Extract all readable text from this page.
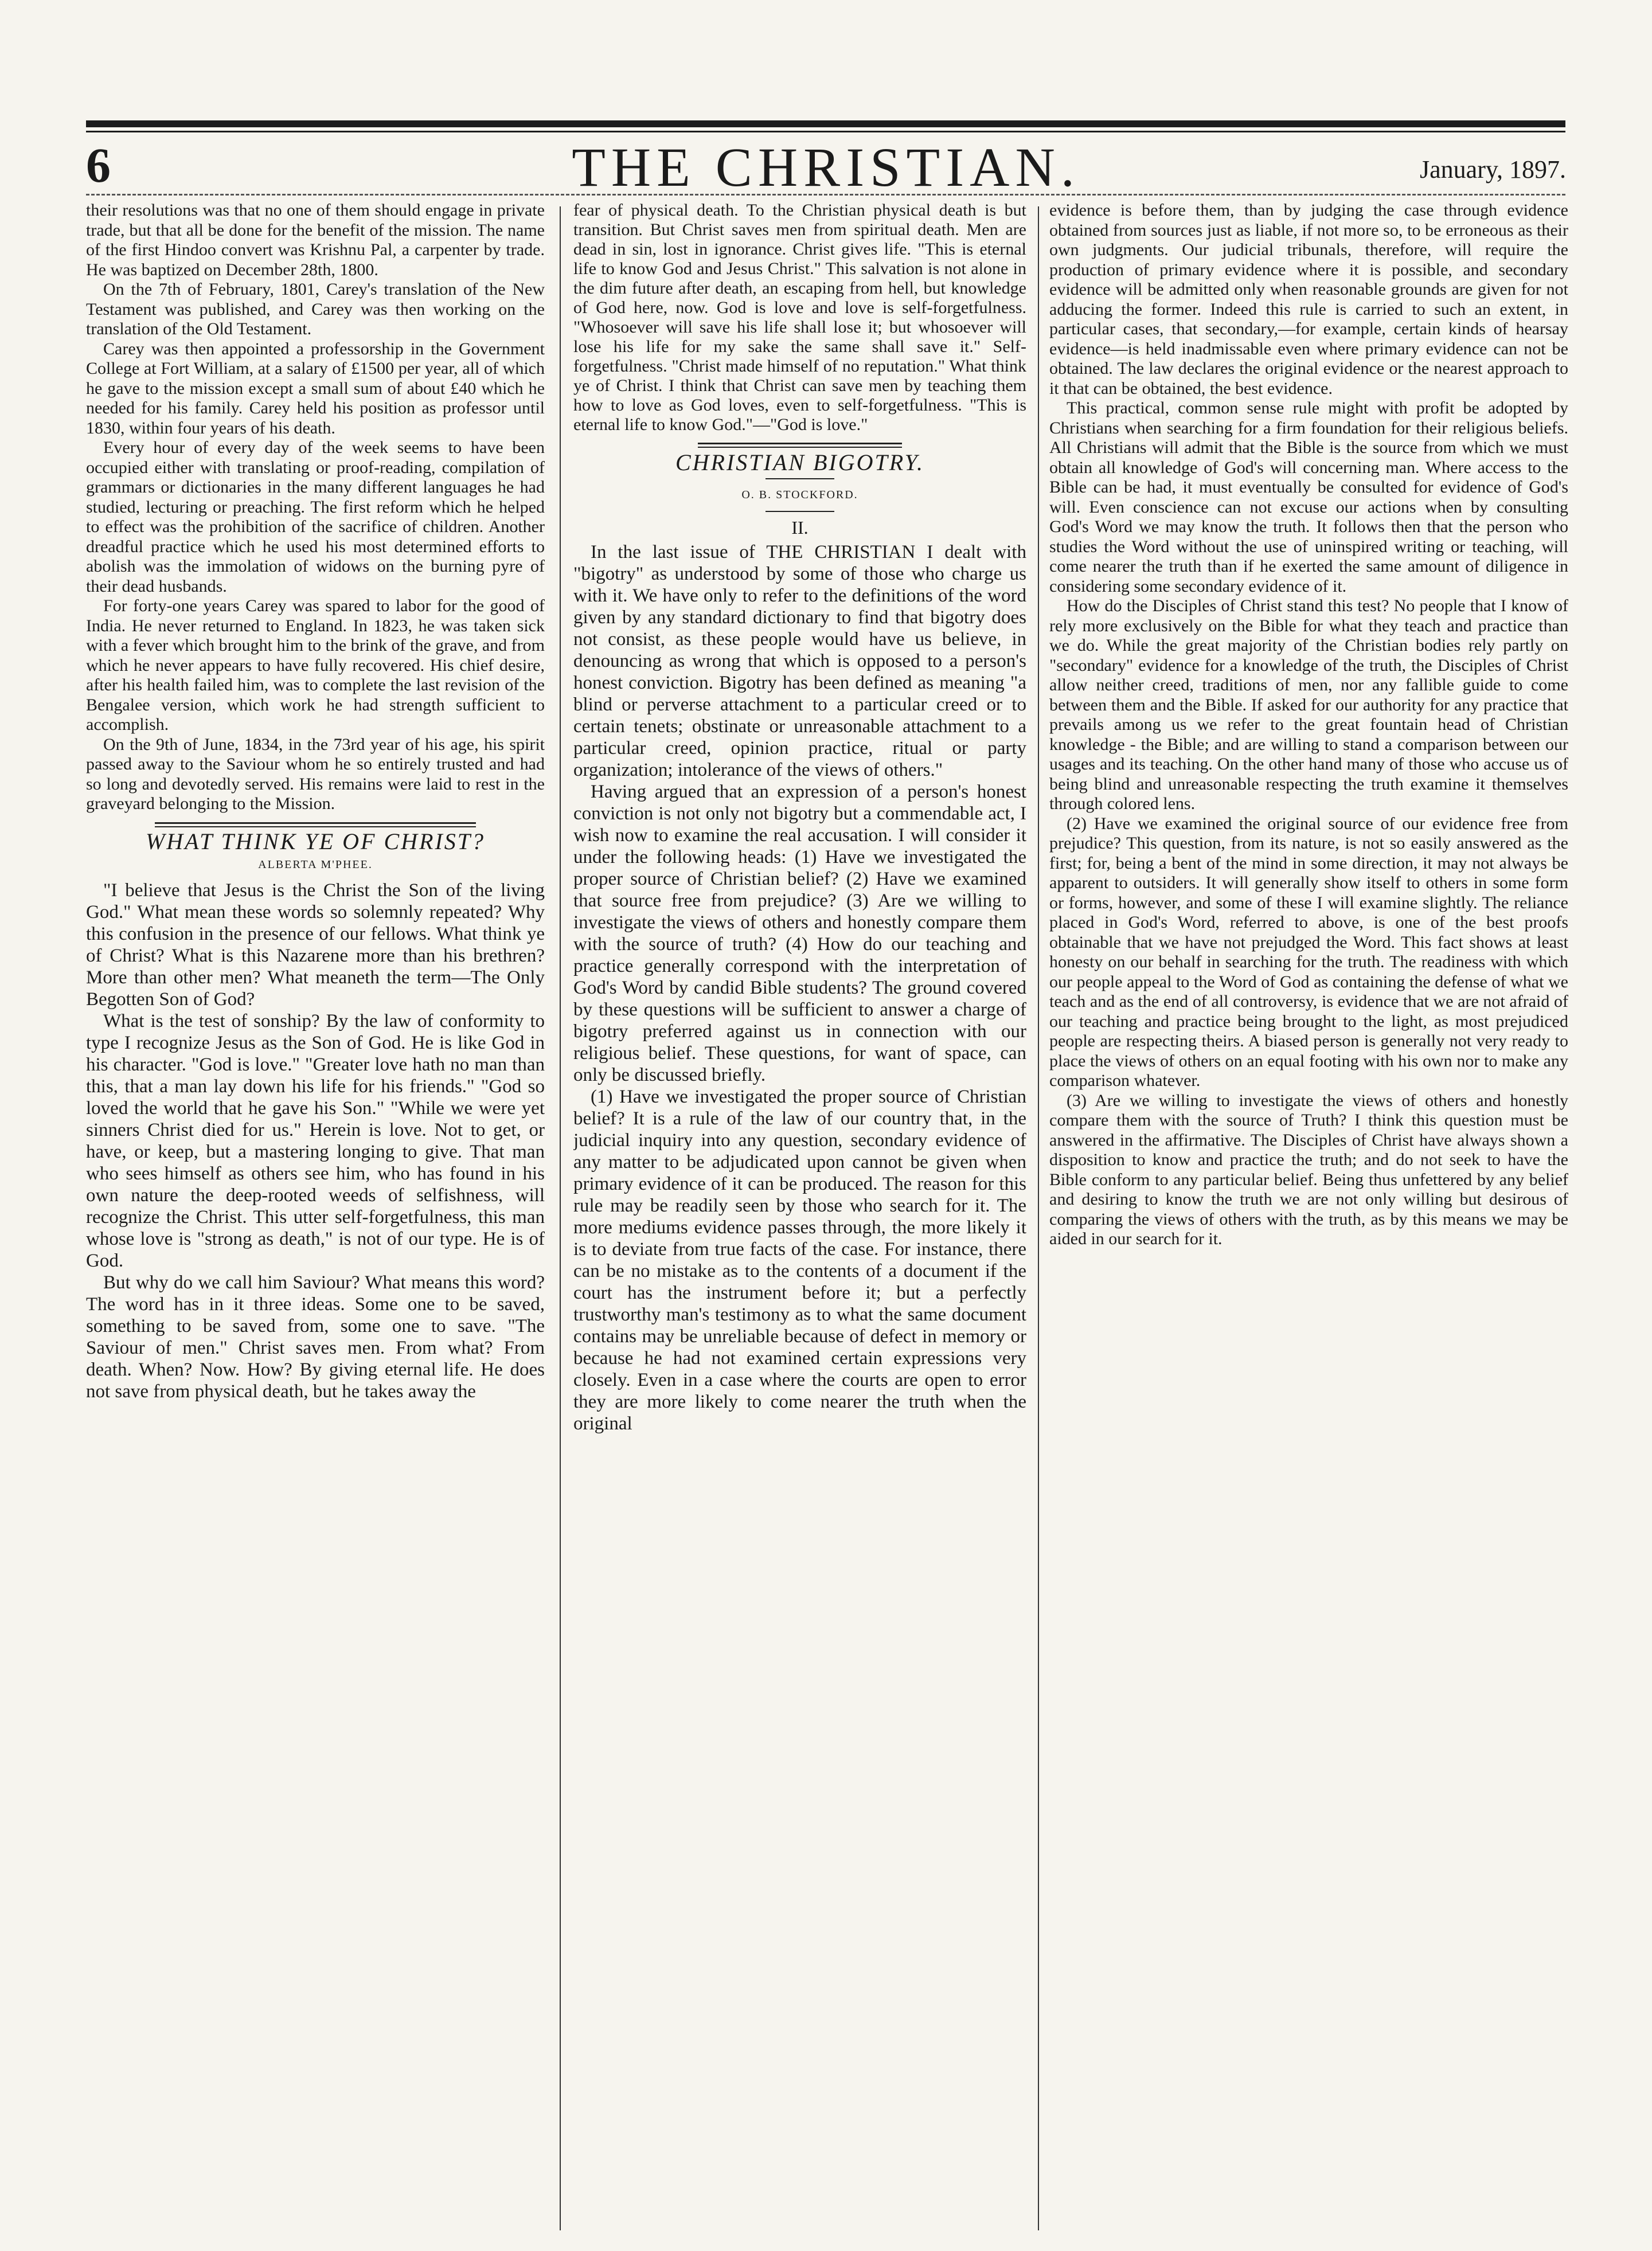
6	THE CHRISTIAN.	January, 1897.

their resolutions was that no one of them should engage in private trade, but that all be done for the benefit of the mission. The name of the first Hindoo convert was Krishnu Pal, a carpenter by trade. He was baptized on December 28th, 1800.

On the 7th of February, 1801, Carey's translation of the New Testament was published, and Carey was then working on the translation of the Old Testament.

Carey was then appointed a professorship in the Government College at Fort William, at a salary of £1500 per year, all of which he gave to the mission except a small sum of about £40 which he needed for his family. Carey held his position as professor until 1830, within four years of his death.

Every hour of every day of the week seems to have been occupied either with translating or proof-reading, compilation of grammars or dictionaries in the many different languages he had studied, lecturing or preaching. The first reform which he helped to effect was the prohibition of the sacrifice of children. Another dreadful practice which he used his most determined efforts to abolish was the immolation of widows on the burning pyre of their dead husbands.

For forty-one years Carey was spared to labor for the good of India. He never returned to England. In 1823, he was taken sick with a fever which brought him to the brink of the grave, and from which he never appears to have fully recovered. His chief desire, after his health failed him, was to complete the last revision of the Bengalee version, which work he had strength sufficient to accomplish.

On the 9th of June, 1834, in the 73rd year of his age, his spirit passed away to the Saviour whom he so entirely trusted and had so long and devotedly served. His remains were laid to rest in the graveyard belonging to the Mission.

WHAT THINK YE OF CHRIST?

ALBERTA M'PHEE.

"I believe that Jesus is the Christ the Son of the living God." What mean these words so solemnly repeated? Why this confusion in the presence of our fellows. What think ye of Christ? What is this Nazarene more than his brethren? More than other men? What meaneth the term—The Only Begotten Son of God?

What is the test of sonship? By the law of conformity to type I recognize Jesus as the Son of God. He is like God in his character. "God is love." "Greater love hath no man than this, that a man lay down his life for his friends." "God so loved the world that he gave his Son." "While we were yet sinners Christ died for us." Herein is love. Not to get, or have, or keep, but a mastering longing to give. That man who sees himself as others see him, who has found in his own nature the deep-rooted weeds of selfishness, will recognize the Christ. This utter self-forgetfulness, this man whose love is "strong as death," is not of our type. He is of God.

But why do we call him Saviour? What means this word? The word has in it three ideas. Some one to be saved, something to be saved from, some one to save. "The Saviour of men." Christ saves men. From what? From death. When? Now. How? By giving eternal life. He does not save from physical death, but he takes away the

fear of physical death. To the Christian physical death is but transition. But Christ saves men from spiritual death. Men are dead in sin, lost in ignorance. Christ gives life. "This is eternal life to know God and Jesus Christ." This salvation is not alone in the dim future after death, an escaping from hell, but knowledge of God here, now. God is love and love is self-forgetfulness. "Whosoever will save his life shall lose it; but whosoever will lose his life for my sake the same shall save it." Self-forgetfulness. "Christ made himself of no reputation." What think ye of Christ. I think that Christ can save men by teaching them how to love as God loves, even to self-forgetfulness. "This is eternal life to know God."—"God is love."

CHRISTIAN BIGOTRY.

O. B. STOCKFORD.

II.

In the last issue of THE CHRISTIAN I dealt with "bigotry" as understood by some of those who charge us with it. We have only to refer to the definitions of the word given by any standard dictionary to find that bigotry does not consist, as these people would have us believe, in denouncing as wrong that which is opposed to a person's honest conviction. Bigotry has been defined as meaning "a blind or perverse attachment to a particular creed or to certain tenets; obstinate or unreasonable attachment to a particular creed, opinion practice, ritual or party organization; intolerance of the views of others."

Having argued that an expression of a person's honest conviction is not only not bigotry but a commendable act, I wish now to examine the real accusation. I will consider it under the following heads: (1) Have we investigated the proper source of Christian belief? (2) Have we examined that source free from prejudice? (3) Are we willing to investigate the views of others and honestly compare them with the source of truth? (4) How do our teaching and practice generally correspond with the interpretation of God's Word by candid Bible students? The ground covered by these questions will be sufficient to answer a charge of bigotry preferred against us in connection with our religious belief. These questions, for want of space, can only be discussed briefly.

(1) Have we investigated the proper source of Christian belief? It is a rule of the law of our country that, in the judicial inquiry into any question, secondary evidence of any matter to be adjudicated upon cannot be given when primary evidence of it can be produced. The reason for this rule may be readily seen by those who search for it. The more mediums evidence passes through, the more likely it is to deviate from true facts of the case. For instance, there can be no mistake as to the contents of a document if the court has the instrument before it; but a perfectly trustworthy man's testimony as to what the same document contains may be unreliable because of defect in memory or because he had not examined certain expressions very closely. Even in a case where the courts are open to error they are more likely to come nearer the truth when the original

evidence is before them, than by judging the case through evidence obtained from sources just as liable, if not more so, to be erroneous as their own judgments. Our judicial tribunals, therefore, will require the production of primary evidence where it is possible, and secondary evidence will be admitted only when reasonable grounds are given for not adducing the former. Indeed this rule is carried to such an extent, in particular cases, that secondary,—for example, certain kinds of hearsay evidence—is held inadmissable even where primary evidence can not be obtained. The law declares the original evidence or the nearest approach to it that can be obtained, the best evidence.

This practical, common sense rule might with profit be adopted by Christians when searching for a firm foundation for their religious beliefs. All Christians will admit that the Bible is the source from which we must obtain all knowledge of God's will concerning man. Where access to the Bible can be had, it must eventually be consulted for evidence of God's will. Even conscience can not excuse our actions when by consulting God's Word we may know the truth. It follows then that the person who studies the Word without the use of uninspired writing or teaching, will come nearer the truth than if he exerted the same amount of diligence in considering some secondary evidence of it.

How do the Disciples of Christ stand this test? No people that I know of rely more exclusively on the Bible for what they teach and practice than we do. While the great majority of the Christian bodies rely partly on "secondary" evidence for a knowledge of the truth, the Disciples of Christ allow neither creed, traditions of men, nor any fallible guide to come between them and the Bible. If asked for our authority for any practice that prevails among us we refer to the great fountain head of Christian knowledge - the Bible; and are willing to stand a comparison between our usages and its teaching. On the other hand many of those who accuse us of being blind and unreasonable respecting the truth examine it themselves through colored lens.

(2) Have we examined the original source of our evidence free from prejudice? This question, from its nature, is not so easily answered as the first; for, being a bent of the mind in some direction, it may not always be apparent to outsiders. It will generally show itself to others in some form or forms, however, and some of these I will examine slightly. The reliance placed in God's Word, referred to above, is one of the best proofs obtainable that we have not prejudged the Word. This fact shows at least honesty on our behalf in searching for the truth. The readiness with which our people appeal to the Word of God as containing the defense of what we teach and as the end of all controversy, is evidence that we are not afraid of our teaching and practice being brought to the light, as most prejudiced people are respecting theirs. A biased person is generally not very ready to place the views of others on an equal footing with his own nor to make any comparison whatever.

(3) Are we willing to investigate the views of others and honestly compare them with the source of Truth? I think this question must be answered in the affirmative. The Disciples of Christ have always shown a disposition to know and practice the truth; and do not seek to have the Bible conform to any particular belief. Being thus unfettered by any belief and desiring to know the truth we are not only willing but desirous of comparing the views of others with the truth, as by this means we may be aided in our search for it.
